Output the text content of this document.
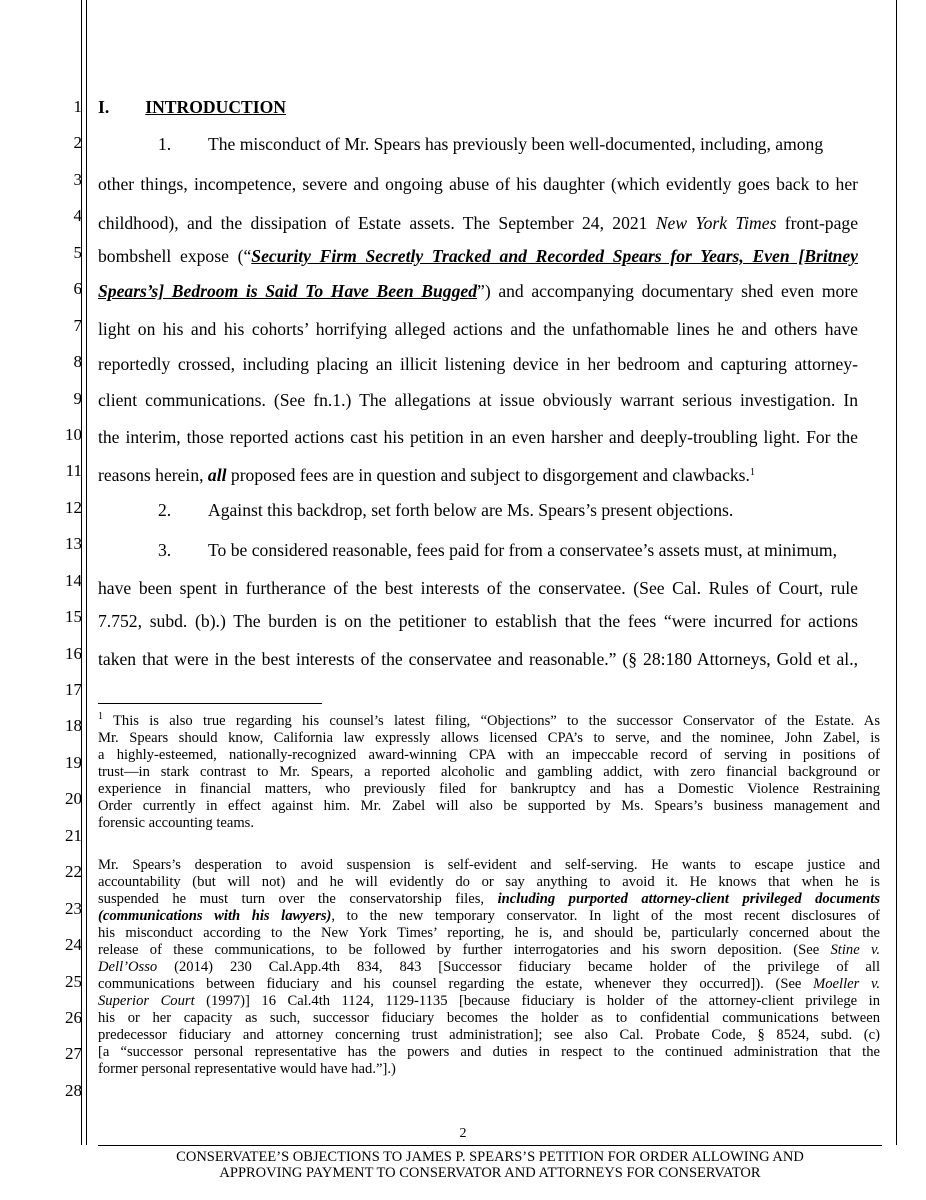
1
2
3
4
5
6
7
8
9
10
11
12
13
14
15
16
17
18
19
20
21
22
23
24
25
26
27
28
I. INTRODUCTION
1. The misconduct of Mr. Spears has previously been well-documented, including, among
other things, incompetence, severe and ongoing abuse of his daughter (which evidently goes back to her
childhood), and the dissipation of Estate assets. The September 24, 2021 New York Times front-page
bombshell expose (“Security Firm Secretly Tracked and Recorded Spears for Years, Even [Britney
Spears’s] Bedroom is Said To Have Been Bugged”) and accompanying documentary shed even more
light on his and his cohorts’ horrifying alleged actions and the unfathomable lines he and others have
reportedly crossed, including placing an illicit listening device in her bedroom and capturing attorney-
client communications. (See fn.1.) The allegations at issue obviously warrant serious investigation. In
the interim, those reported actions cast his petition in an even harsher and deeply-troubling light. For the
reasons herein, all proposed fees are in question and subject to disgorgement and clawbacks.$^1$
2. Against this backdrop, set forth below are Ms. Spears’s present objections.
3. To be considered reasonable, fees paid for from a conservatee’s assets must, at minimum,
have been spent in furtherance of the best interests of the conservatee. (See Cal. Rules of Court, rule
7.752, subd. (b).) The burden is on the petitioner to establish that the fees “were incurred for actions
taken that were in the best interests of the conservatee and reasonable.” (§ 28:180 Attorneys, Gold et al.,
$^1$ This is also true regarding his counsel’s latest filing, “Objections” to the successor Conservator of the Estate. As
Mr. Spears should know, California law expressly allows licensed CPA’s to serve, and the nominee, John Zabel, is
a highly-esteemed, nationally-recognized award-winning CPA with an impeccable record of serving in positions of
trust—in stark contrast to Mr. Spears, a reported alcoholic and gambling addict, with zero financial background or
experience in financial matters, who previously filed for bankruptcy and has a Domestic Violence Restraining
Order currently in effect against him. Mr. Zabel will also be supported by Ms. Spears’s business management and
forensic accounting teams.
Mr. Spears’s desperation to avoid suspension is self-evident and self-serving. He wants to escape justice and
accountability (but will not) and he will evidently do or say anything to avoid it. He knows that when he is
suspended he must turn over the conservatorship files, including purported attorney-client privileged documents
(communications with his lawyers), to the new temporary conservator. In light of the most recent disclosures of
his misconduct according to the New York Times’ reporting, he is, and should be, particularly concerned about the
release of these communications, to be followed by further interrogatories and his sworn deposition. (See Stine v.
Dell’Osso (2014) 230 Cal.App.4th 834, 843 [Successor fiduciary became holder of the privilege of all
communications between fiduciary and his counsel regarding the estate, whenever they occurred]). (See Moeller v.
Superior Court (1997)] 16 Cal.4th 1124, 1129-1135 [because fiduciary is holder of the attorney-client privilege in
his or her capacity as such, successor fiduciary becomes the holder as to confidential communications between
predecessor fiduciary and attorney concerning trust administration]; see also Cal. Probate Code, § 8524, subd. (c)
[a “successor personal representative has the powers and duties in respect to the continued administration that the
former personal representative would have had.”].)
2
CONSERVATEE’S OBJECTIONS TO JAMES P. SPEARS’S PETITION FOR ORDER ALLOWING AND
APPROVING PAYMENT TO CONSERVATOR AND ATTORNEYS FOR CONSERVATOR
